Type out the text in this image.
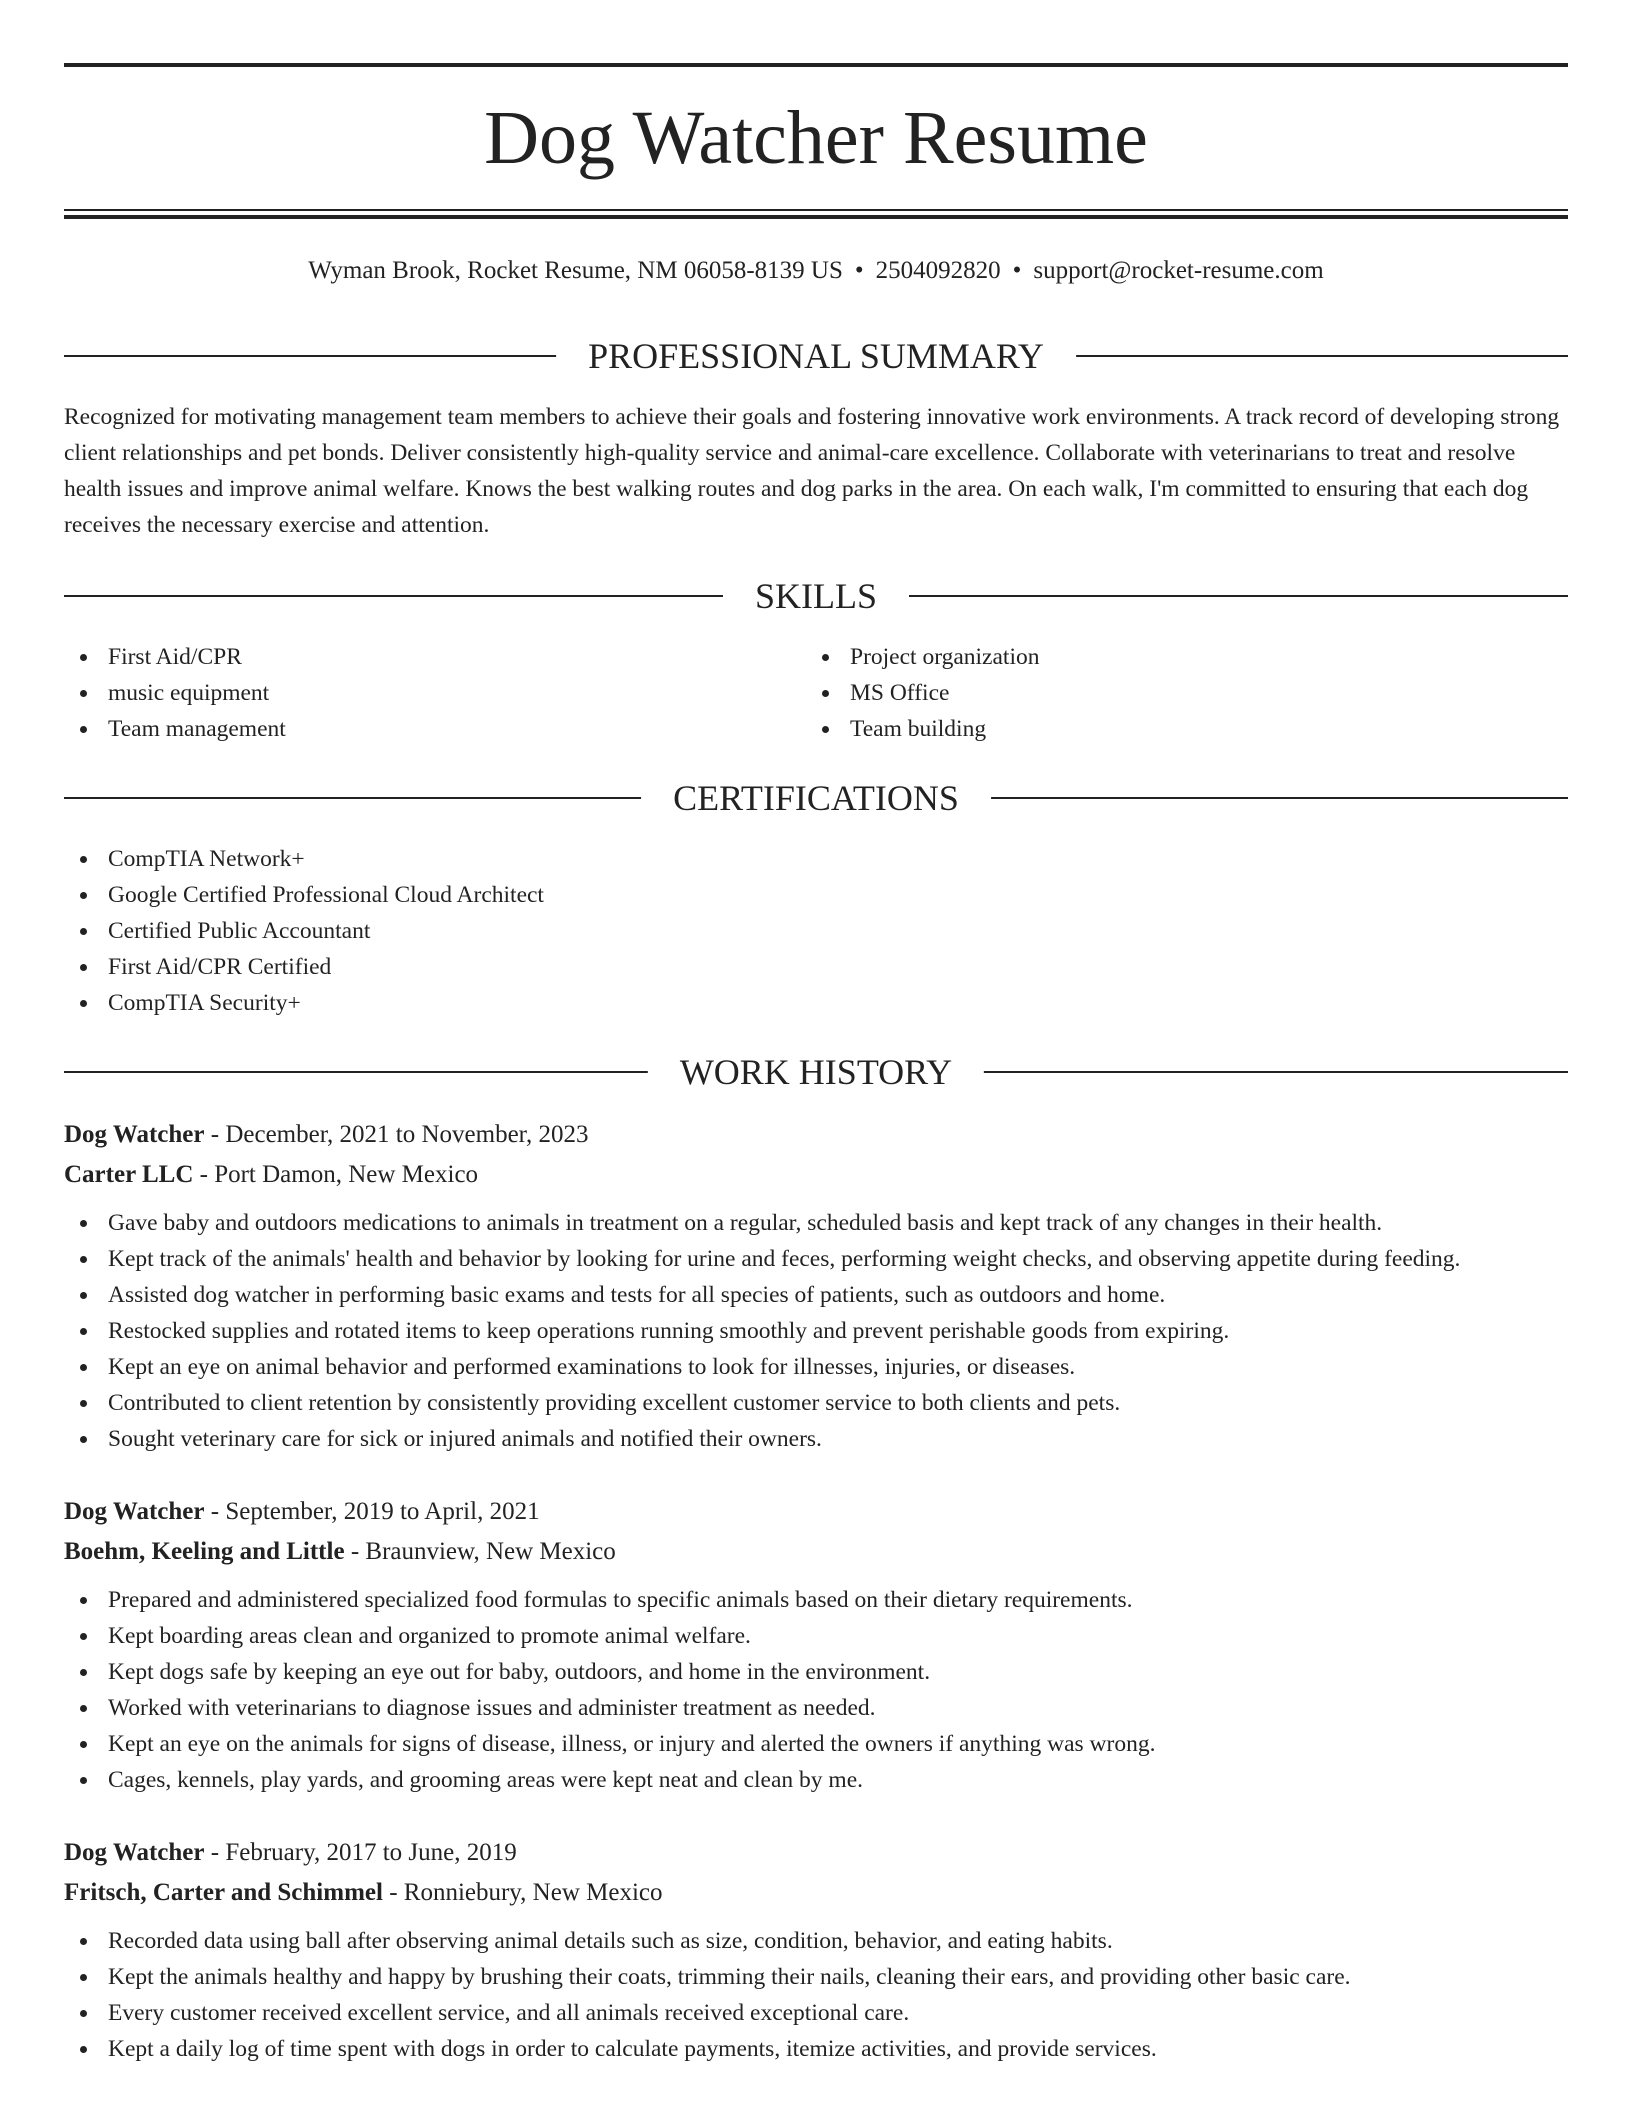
Dog Watcher Resume
Wyman Brook, Rocket Resume, NM 06058-8139 US • 2504092820 • support@rocket-resume.com
PROFESSIONAL SUMMARY

Recognized for motivating management team members to achieve their goals and fostering innovative work environments. A track record of developing strong client relationships and pet bonds. Deliver consistently high-quality service and animal-care excellence. Collaborate with veterinarians to treat and resolve health issues and improve animal welfare. Knows the best walking routes and dog parks in the area. On each walk, I'm committed to ensuring that each dog receives the necessary exercise and attention.

SKILLS
First Aid/CPR
music equipment
Team management
Project organization
MS Office
Team building
CERTIFICATIONS
CompTIA Network+
Google Certified Professional Cloud Architect
Certified Public Accountant
First Aid/CPR Certified
CompTIA Security+
WORK HISTORY
Dog Watcher - December, 2021 to November, 2023
Carter LLC - Port Damon, New Mexico
Gave baby and outdoors medications to animals in treatment on a regular, scheduled basis and kept track of any changes in their health.
Kept track of the animals' health and behavior by looking for urine and feces, performing weight checks, and observing appetite during feeding.
Assisted dog watcher in performing basic exams and tests for all species of patients, such as outdoors and home.
Restocked supplies and rotated items to keep operations running smoothly and prevent perishable goods from expiring.
Kept an eye on animal behavior and performed examinations to look for illnesses, injuries, or diseases.
Contributed to client retention by consistently providing excellent customer service to both clients and pets.
Sought veterinary care for sick or injured animals and notified their owners.
Dog Watcher - September, 2019 to April, 2021
Boehm, Keeling and Little - Braunview, New Mexico
Prepared and administered specialized food formulas to specific animals based on their dietary requirements.
Kept boarding areas clean and organized to promote animal welfare.
Kept dogs safe by keeping an eye out for baby, outdoors, and home in the environment.
Worked with veterinarians to diagnose issues and administer treatment as needed.
Kept an eye on the animals for signs of disease, illness, or injury and alerted the owners if anything was wrong.
Cages, kennels, play yards, and grooming areas were kept neat and clean by me.
Dog Watcher - February, 2017 to June, 2019
Fritsch, Carter and Schimmel - Ronniebury, New Mexico
Recorded data using ball after observing animal details such as size, condition, behavior, and eating habits.
Kept the animals healthy and happy by brushing their coats, trimming their nails, cleaning their ears, and providing other basic care.
Every customer received excellent service, and all animals received exceptional care.
Kept a daily log of time spent with dogs in order to calculate payments, itemize activities, and provide services.
